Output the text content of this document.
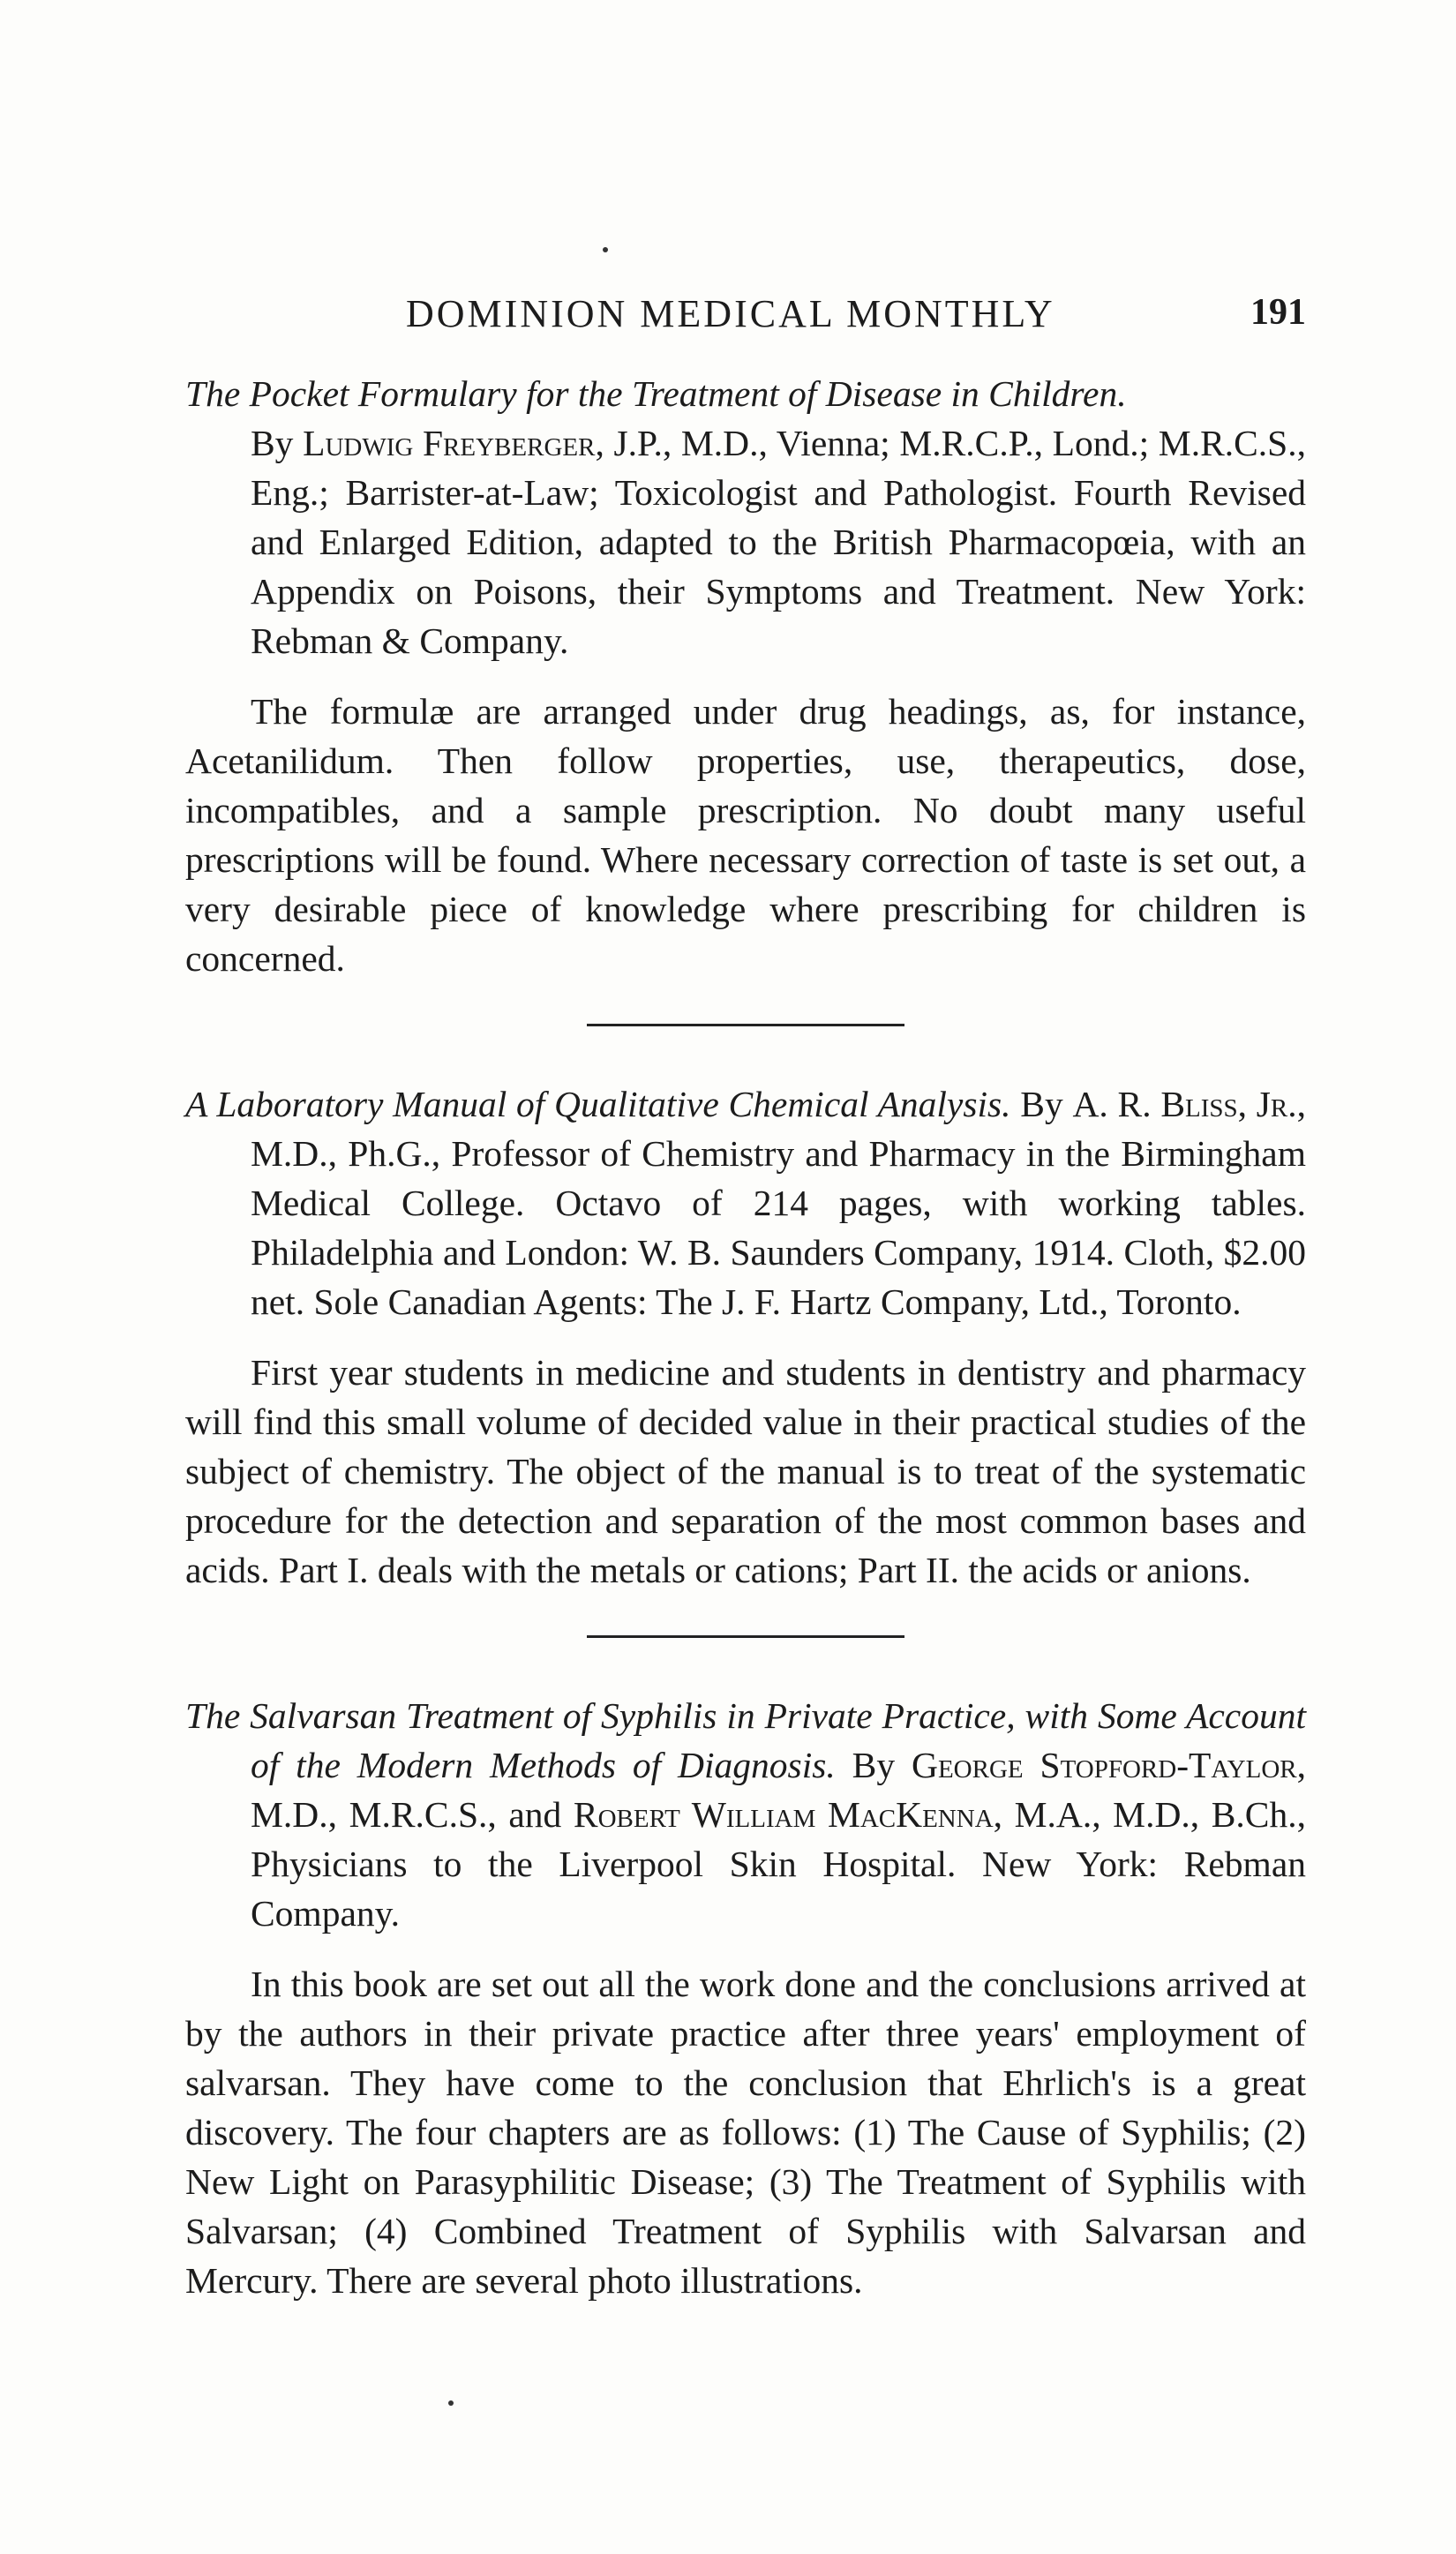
DOMINION MEDICAL MONTHLY	191

The Pocket Formulary for the Treatment of Disease in Children.
By Ludwig Freyberger, J.P., M.D., Vienna; M.R.C.P., Lond.; M.R.C.S., Eng.; Barrister-at-Law; Toxicologist and Pathologist. Fourth Revised and Enlarged Edition, adapted to the British Pharmacopœia, with an Appendix on Poisons, their Symptoms and Treatment. New York: Rebman & Company.

The formulæ are arranged under drug headings, as, for instance, Acetanilidum. Then follow properties, use, therapeutics, dose, incompatibles, and a sample prescription. No doubt many useful prescriptions will be found. Where necessary correction of taste is set out, a very desirable piece of knowledge where prescribing for children is concerned.

A Laboratory Manual of Qualitative Chemical Analysis. By A. R. Bliss, Jr., M.D., Ph.G., Professor of Chemistry and Pharmacy in the Birmingham Medical College. Octavo of 214 pages, with working tables. Philadelphia and London: W. B. Saunders Company, 1914. Cloth, $2.00 net. Sole Canadian Agents: The J. F. Hartz Company, Ltd., Toronto.

First year students in medicine and students in dentistry and pharmacy will find this small volume of decided value in their practical studies of the subject of chemistry. The object of the manual is to treat of the systematic procedure for the detection and separation of the most common bases and acids. Part I. deals with the metals or cations; Part II. the acids or anions.

The Salvarsan Treatment of Syphilis in Private Practice, with Some Account of the Modern Methods of Diagnosis. By George Stopford-Taylor, M.D., M.R.C.S., and Robert William MacKenna, M.A., M.D., B.Ch., Physicians to the Liverpool Skin Hospital. New York: Rebman Company.

In this book are set out all the work done and the conclusions arrived at by the authors in their private practice after three years' employment of salvarsan. They have come to the conclusion that Ehrlich's is a great discovery. The four chapters are as follows: (1) The Cause of Syphilis; (2) New Light on Parasyphilitic Disease; (3) The Treatment of Syphilis with Salvarsan; (4) Combined Treatment of Syphilis with Salvarsan and Mercury. There are several photo illustrations.
